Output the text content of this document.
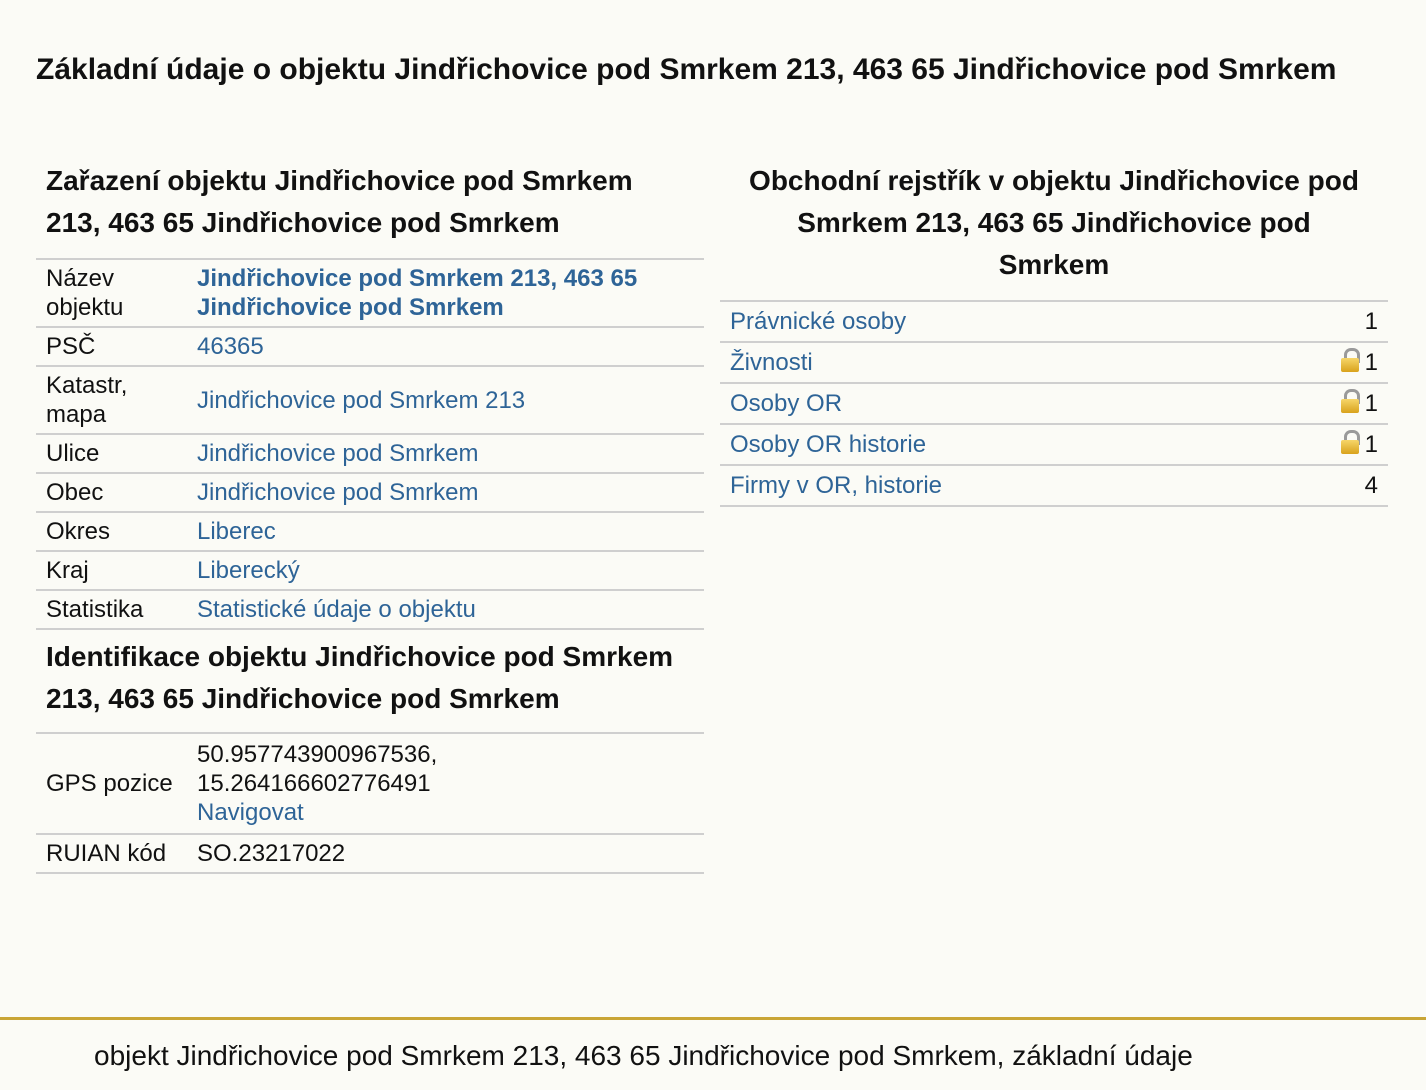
Základní údaje o objektu Jindřichovice pod Smrkem 213, 463 65 Jindřichovice pod Smrkem
Zařazení objektu Jindřichovice pod Smrkem 213, 463 65 Jindřichovice pod Smrkem
Název objektu	Jindřichovice pod Smrkem 213, 463 65 Jindřichovice pod Smrkem
PSČ	46365
Katastr, mapa	Jindřichovice pod Smrkem 213
Ulice	Jindřichovice pod Smrkem
Obec	Jindřichovice pod Smrkem
Okres	Liberec
Kraj	Liberecký
Statistika	Statistické údaje o objektu
Identifikace objektu Jindřichovice pod Smrkem 213, 463 65 Jindřichovice pod Smrkem
GPS pozice	50.957743900967536,
15.264166602776491
Navigovat
RUIAN kód	SO.23217022
Obchodní rejstřík v objektu Jindřichovice pod Smrkem 213, 463 65 Jindřichovice pod Smrkem
Právnické osoby	1
Živnosti	1
Osoby OR	1
Osoby OR historie	1
Firmy v OR, historie	4
objekt Jindřichovice pod Smrkem 213, 463 65 Jindřichovice pod Smrkem, základní údaje
